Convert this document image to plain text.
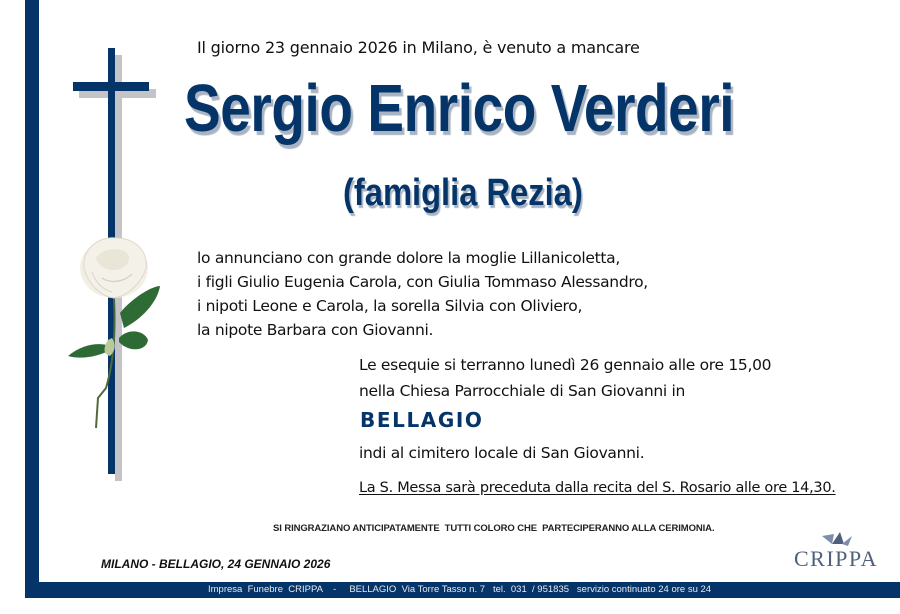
Il giorno 23 gennaio 2026 in Milano, è venuto a mancare
Sergio Enrico Verderi
(famiglia Rezia)
lo annunciano con grande dolore la moglie Lillanicoletta,
i figli Giulio Eugenia Carola, con Giulia Tommaso Alessandro,
i nipoti Leone e Carola, la sorella Silvia con Oliviero,
la nipote Barbara con Giovanni.
Le esequie si terranno lunedì 26 gennaio alle ore 15,00
nella Chiesa Parrocchiale di San Giovanni in
BELLAGIO
indi al cimitero locale di San Giovanni.
La S. Messa sarà preceduta dalla recita del S. Rosario alle ore 14,30.
SI RINGRAZIANO ANTICIPATAMENTE  TUTTI COLORO CHE  PARTECIPERANNO ALLA CERIMONIA.
MILANO - BELLAGIO, 24 GENNAIO 2026	CRIPPA

Impresa  Funebre  CRIPPA    -     BELLAGIO  Via Torre Tasso n. 7   tel.  031  / 951835   servizio continuato 24 ore su 24
